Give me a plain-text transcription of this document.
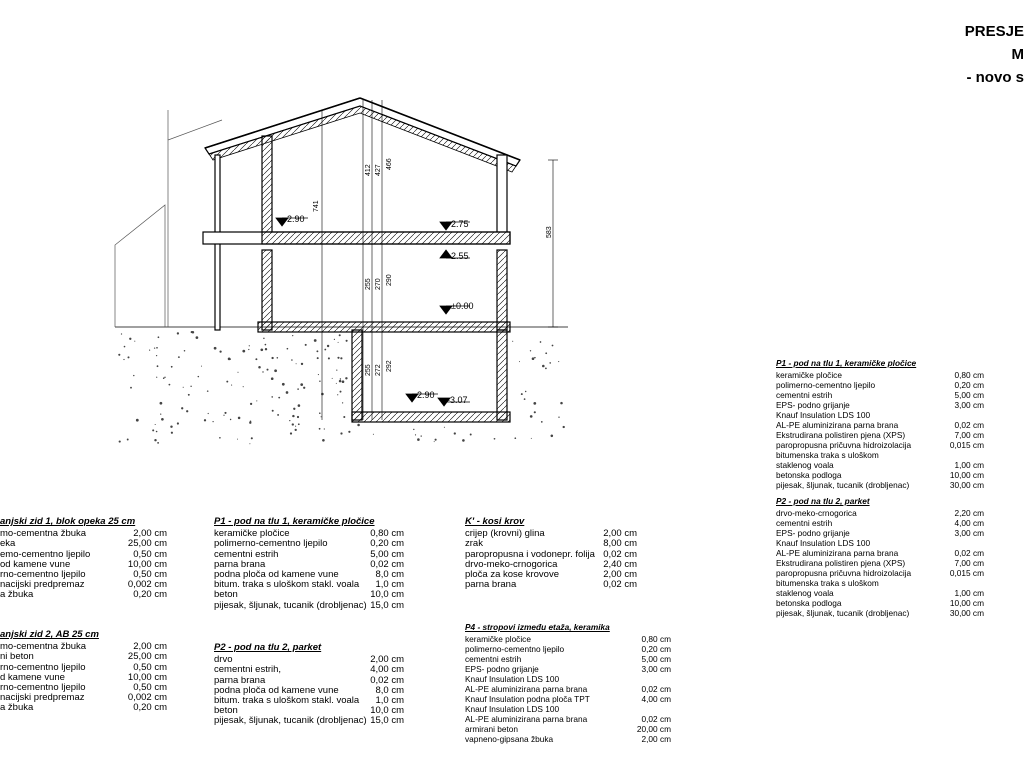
PRESJE
M
- novo s
2.90	2.75
2.55
±0.00
2.90 -3.07
412 427
466
741
583
255 270 290
255 272 292
anjski zid 1, blok opeka 25 cm
mo-cementna žbuka	2,00 cm
eka	25,00 cm
emo-cementno ljepilo	0,50 cm
od kamene vune	10,00 cm
rno-cementno ljepilo	0,50 cm
nacijski predpremaz	0,002 cm
a žbuka	0,20 cm
anjski zid 2, AB 25 cm
mo-cementna žbuka	2,00 cm
ni beton	25,00 cm
rno-cementno ljepilo	0,50 cm
d kamene vune	10,00 cm
rno-cementno ljepilo	0,50 cm
nacijski predpremaz	0,002 cm
a žbuka	0,20 cm
P1 - pod na tlu 1, keramičke pločice
keramičke pločice	0,80 cm
polimerno-cementno ljepilo	0,20 cm
cementni estrih	5,00 cm
parna brana	0,02 cm
podna ploča od kamene vune	8,0 cm
bitum. traka s uloškom stakl. voala	1,0 cm
beton	10,0 cm
pijesak, šljunak, tucanik (drobljenac) 15,0 cm
P2 - pod na tlu 2, parket
drvo	2,00 cm
cementni estrih,	4,00 cm
parna brana	0,02 cm
podna ploča od kamene vune	8,0 cm
bitum. traka s uloškom stakl. voala	1,0 cm
beton	10,0 cm
pijesak, šljunak, tucanik (drobljenac) 15,0 cm
K' - kosi krov
crijep (krovni) glina	2,00 cm
zrak	8,00 cm
paropropusna i vodonepr. folija 0,02 cm
drvo-meko-crnogorica	2,40 cm
ploča za kose krovove	2,00 cm
parna brana	0,02 cm
P4 - stropovi između etaža, keramika
keramičke pločice	0,80 cm
polimerno-cementno ljepilo	0,20 cm
cementni estrih	5,00 cm
EPS- podno grijanje	3,00 cm
Knauf Insulation LDS 100
AL-PE aluminizirana parna brana	0,02 cm
Knauf Insulation podna ploča TPT	4,00 cm
Knauf Insulation LDS 100
AL-PE aluminizirana parna brana	0,02 cm
armirani beton	20,00 cm
vapneno-gipsana žbuka	2,00 cm
P1 - pod na tlu 1, keramičke pločice
keramičke pločice	0,80 cm
polimerno-cementno ljepilo	0,20 cm
cementni estrih	5,00 cm
EPS- podno grijanje	3,00 cm
Knauf Insulation LDS 100
AL-PE aluminizirana parna brana	0,02 cm
Ekstrudirana polistiren pjena (XPS)	7,00 cm
paropropusna pričuvna hidroizolacija	0,015 cm
bitumenska traka s uloškom
staklenog voala	1,00 cm
betonska podloga	10,00 cm
pijesak, šljunak, tucanik (drobljenac)	30,00 cm
P2 - pod na tlu 2, parket
drvo-meko-crnogorica	2,20 cm
cementni estrih	4,00 cm
EPS- podno grijanje	3,00 cm
Knauf Insulation LDS 100
AL-PE aluminizirana parna brana	0,02 cm
Ekstrudirana polistiren pjena (XPS)	7,00 cm
paropropusna pričuvna hidroizolacija	0,015 cm
bitumenska traka s uloškom
staklenog voala	1,00 cm
betonska podloga	10,00 cm
pijesak, šljunak, tucanik (drobljenac)	30,00 cm
